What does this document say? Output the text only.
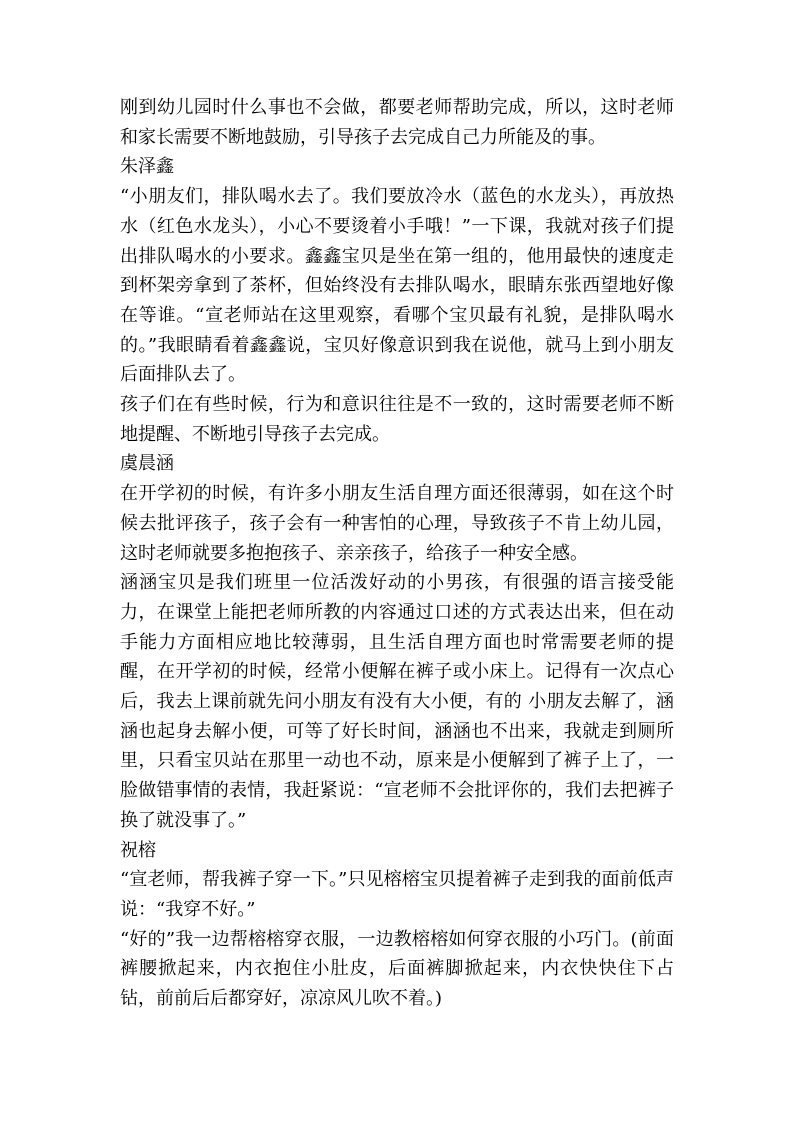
刚到幼儿园时什么事也不会做，都要老师帮助完成，所以，这时老师和家长需要不断地鼓励，引导孩子去完成自己力所能及的事。

朱泽鑫

“小朋友们，排队喝水去了。我们要放冷水（蓝色的水龙头），再放热水（红色水龙头），小心不要烫着小手哦！”一下课，我就对孩子们提出排队喝水的小要求。鑫鑫宝贝是坐在第一组的，他用最快的速度走到杯架旁拿到了茶杯，但始终没有去排队喝水，眼睛东张西望地好像在等谁。“宣老师站在这里观察，看哪个宝贝最有礼貌，是排队喝水的。”我眼睛看着鑫鑫说，宝贝好像意识到我在说他，就马上到小朋友后面排队去了。

孩子们在有些时候，行为和意识往往是不一致的，这时需要老师不断地提醒、不断地引导孩子去完成。

虞晨涵

在开学初的时候，有许多小朋友生活自理方面还很薄弱，如在这个时候去批评孩子，孩子会有一种害怕的心理，导致孩子不肯上幼儿园，这时老师就要多抱抱孩子、亲亲孩子，给孩子一种安全感。

涵涵宝贝是我们班里一位活泼好动的小男孩，有很强的语言接受能力，在课堂上能把老师所教的内容通过口述的方式表达出来，但在动手能力方面相应地比较薄弱，且生活自理方面也时常需要老师的提醒，在开学初的时候，经常小便解在裤子或小床上。记得有一次点心后，我去上课前就先问小朋友有没有大小便，有的 小朋友去解了，涵涵也起身去解小便，可等了好长时间，涵涵也不出来，我就走到厕所里，只看宝贝站在那里一动也不动，原来是小便解到了裤子上了，一脸做错事情的表情，我赶紧说：“宣老师不会批评你的，我们去把裤子换了就没事了。”

祝榕

“宣老师，帮我裤子穿一下。”只见榕榕宝贝提着裤子走到我的面前低声说：“我穿不好。”

“好的”我一边帮榕榕穿衣服，一边教榕榕如何穿衣服的小巧门。(前面裤腰掀起来，内衣抱住小肚皮，后面裤脚掀起来，内衣快快住下占钻，前前后后都穿好，凉凉风儿吹不着。)
